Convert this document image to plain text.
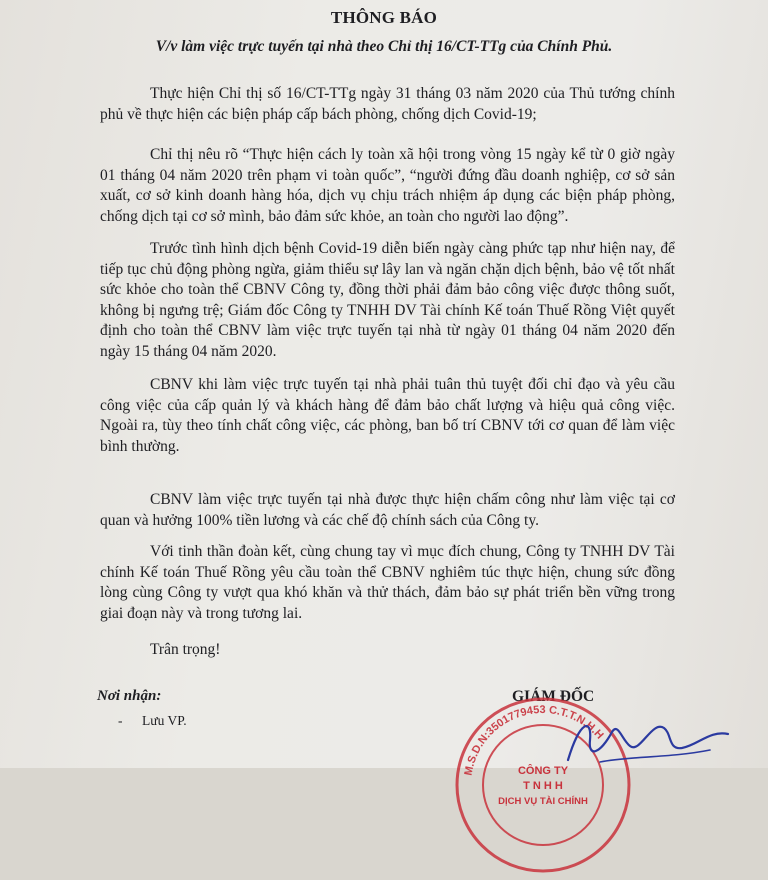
THÔNG BÁO
V/v làm việc trực tuyến tại nhà theo Chỉ thị 16/CT-TTg của Chính Phủ.

Thực hiện Chỉ thị số 16/CT-TTg ngày 31 tháng 03 năm 2020 của Thủ tướng chính phủ về thực hiện các biện pháp cấp bách phòng, chống dịch Covid-19;

Chỉ thị nêu rõ “Thực hiện cách ly toàn xã hội trong vòng 15 ngày kể từ 0 giờ ngày 01 tháng 04 năm 2020 trên phạm vi toàn quốc”, “người đứng đầu doanh nghiệp, cơ sở sản xuất, cơ sở kinh doanh hàng hóa, dịch vụ chịu trách nhiệm áp dụng các biện pháp phòng, chống dịch tại cơ sở mình, bảo đảm sức khỏe, an toàn cho người lao động”.

Trước tình hình dịch bệnh Covid-19 diễn biến ngày càng phức tạp như hiện nay, để tiếp tục chủ động phòng ngừa, giảm thiểu sự lây lan và ngăn chặn dịch bệnh, bảo vệ tốt nhất sức khỏe cho toàn thể CBNV Công ty, đồng thời phải đảm bảo công việc được thông suốt, không bị ngưng trệ; Giám đốc Công ty TNHH DV Tài chính Kế toán Thuế Rồng Việt quyết định cho toàn thể CBNV làm việc trực tuyến tại nhà từ ngày 01 tháng 04 năm 2020 đến ngày 15 tháng 04 năm 2020.

CBNV khi làm việc trực tuyến tại nhà phải tuân thủ tuyệt đối chỉ đạo và yêu cầu công việc của cấp quản lý và khách hàng để đảm bảo chất lượng và hiệu quả công việc. Ngoài ra, tùy theo tính chất công việc, các phòng, ban bố trí CBNV tới cơ quan để làm việc bình thường.

CBNV làm việc trực tuyến tại nhà được thực hiện chấm công như làm việc tại cơ quan và hưởng 100% tiền lương và các chế độ chính sách của Công ty.

Với tinh thần đoàn kết, cùng chung tay vì mục đích chung, Công ty TNHH DV Tài chính Kế toán Thuế Rồng yêu cầu toàn thể CBNV nghiêm túc thực hiện, chung sức đồng lòng cùng Công ty vượt qua khó khăn và thử thách, đảm bảo sự phát triển bền vững trong giai đoạn này và trong tương lai.

Trân trọng!
Nơi nhận:
- Lưu VP.
GIÁM ĐỐC
M.S.D.N:3501779453 C.T.T.N.H.H
CÔNG TY
T N H H
DỊCH VỤ TÀI CHÍNH
